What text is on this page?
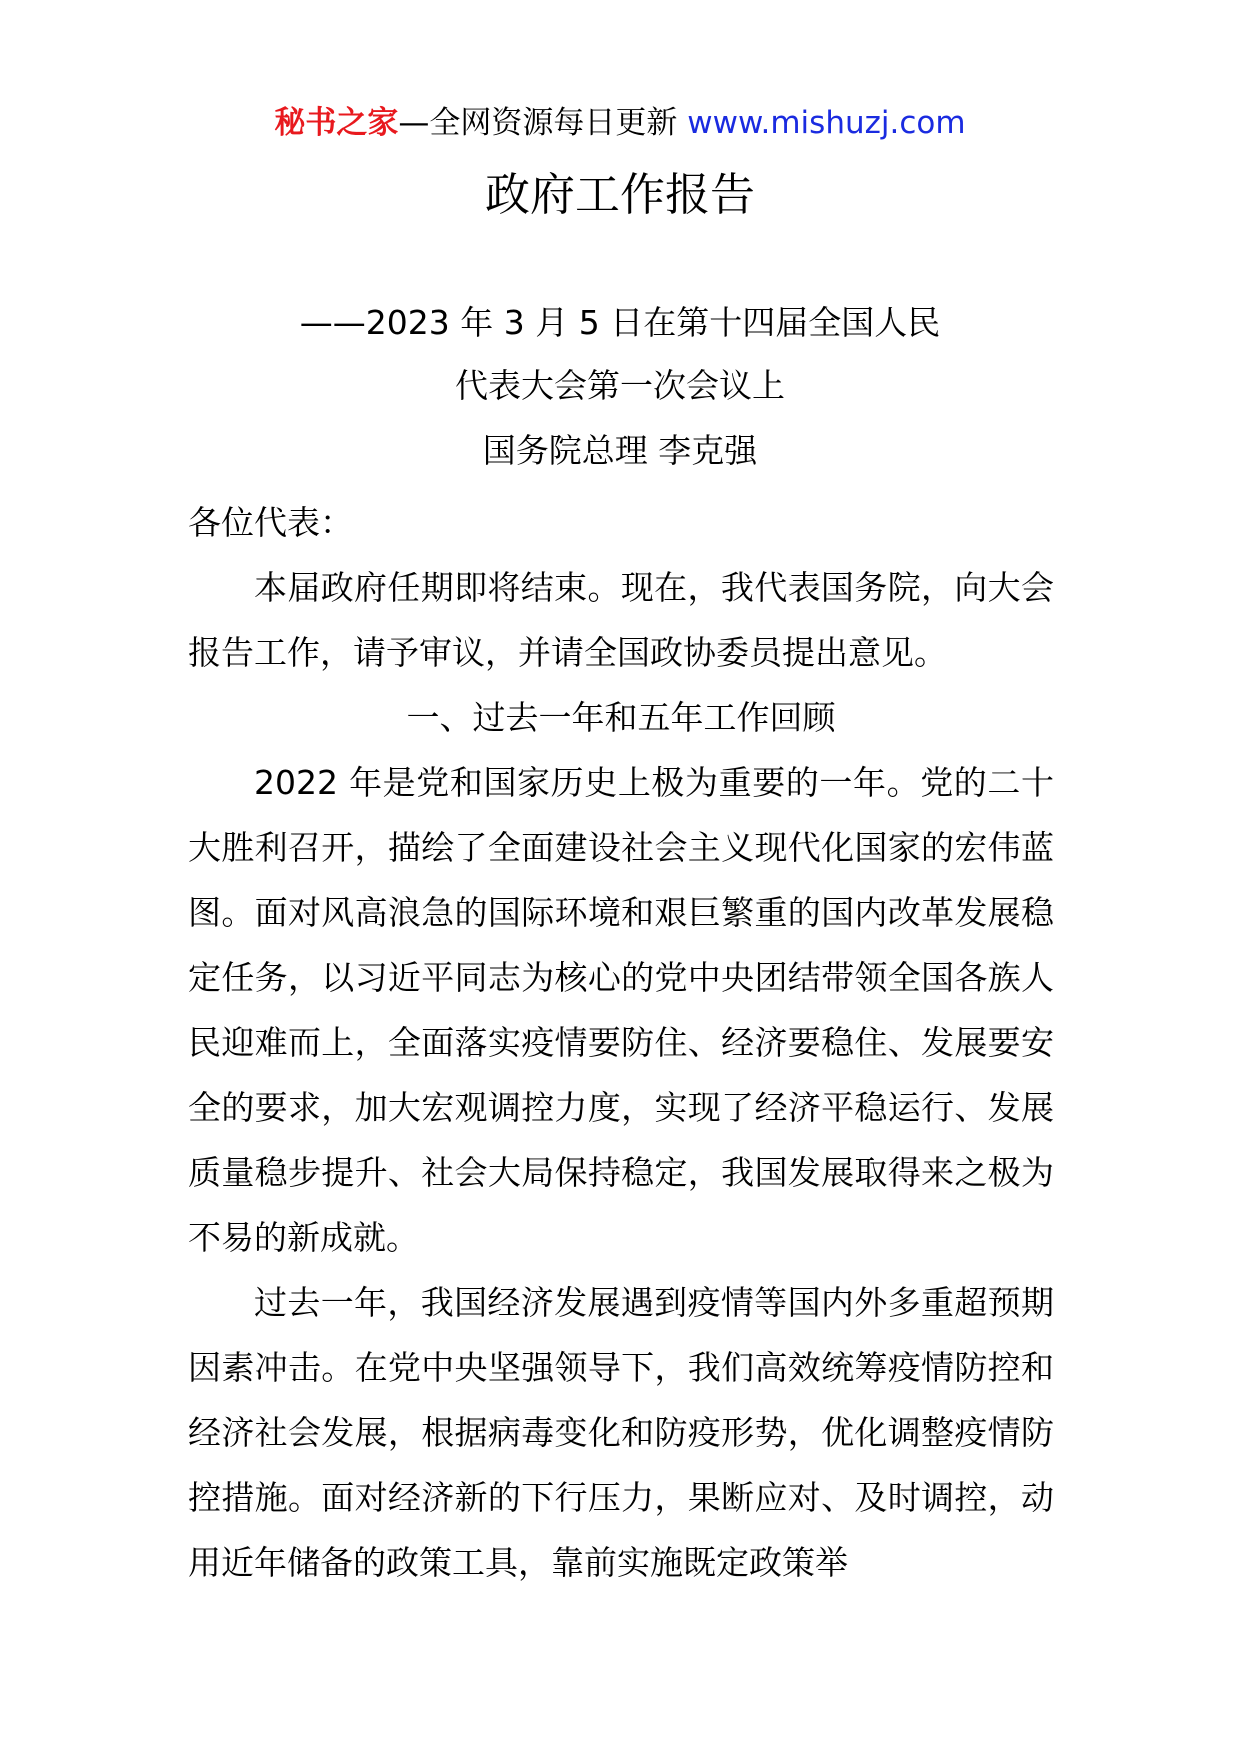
秘书之家—全网资源每日更新 www.mishuzj.com
政府工作报告
——2023 年 3 月 5 日在第十四届全国人民
代表大会第一次会议上
国务院总理 李克强

各位代表：

本届政府任期即将结束。现在，我代表国务院，向大会报告工作，请予审议，并请全国政协委员提出意见。

一、过去一年和五年工作回顾

2022 年是党和国家历史上极为重要的一年。党的二十大胜利召开，描绘了全面建设社会主义现代化国家的宏伟蓝图。面对风高浪急的国际环境和艰巨繁重的国内改革发展稳定任务，以习近平同志为核心的党中央团结带领全国各族人民迎难而上，全面落实疫情要防住、经济要稳住、发展要安全的要求，加大宏观调控力度，实现了经济平稳运行、发展质量稳步提升、社会大局保持稳定，我国发展取得来之极为不易的新成就。

过去一年，我国经济发展遇到疫情等国内外多重超预期因素冲击。在党中央坚强领导下，我们高效统筹疫情防控和经济社会发展，根据病毒变化和防疫形势，优化调整疫情防控措施。面对经济新的下行压力，果断应对、及时调控，动用近年储备的政策工具，靠前实施既定政策举
